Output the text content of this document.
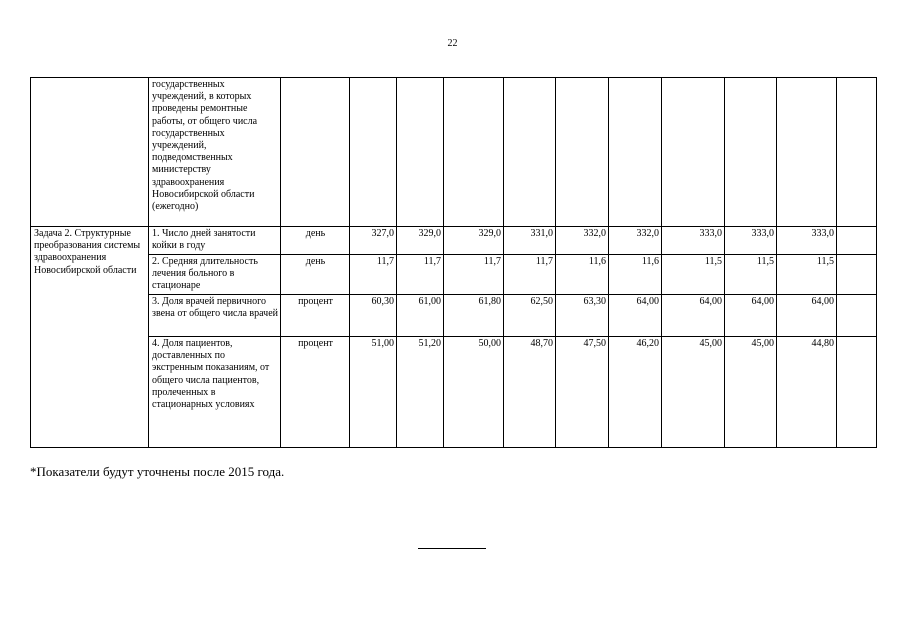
22
	государственных учреждений, в которых проведены ремонтные работы, от общего числа государственных учреждений, подведомственных министерству здравоохранения Новосибирской области (ежегодно)											
Задача 2. Структурные преобразования системы здравоохранения Новосибирской области	1. Число дней занятости койки в году	день	327,0	329,0	329,0	331,0	332,0	332,0	333,0	333,0	333,0	
	2. Средняя длительность лечения больного в стационаре	день	11,7	11,7	11,7	11,7	11,6	11,6	11,5	11,5	11,5	
	3. Доля врачей первичного звена от общего числа врачей	процент	60,30	61,00	61,80	62,50	63,30	64,00	64,00	64,00	64,00	
	4. Доля пациентов, доставленных по экстренным показаниям, от общего числа пациентов, пролеченных в стационарных условиях	процент	51,00	51,20	50,00	48,70	47,50	46,20	45,00	45,00	44,80	
*Показатели будут уточнены после 2015 года.
